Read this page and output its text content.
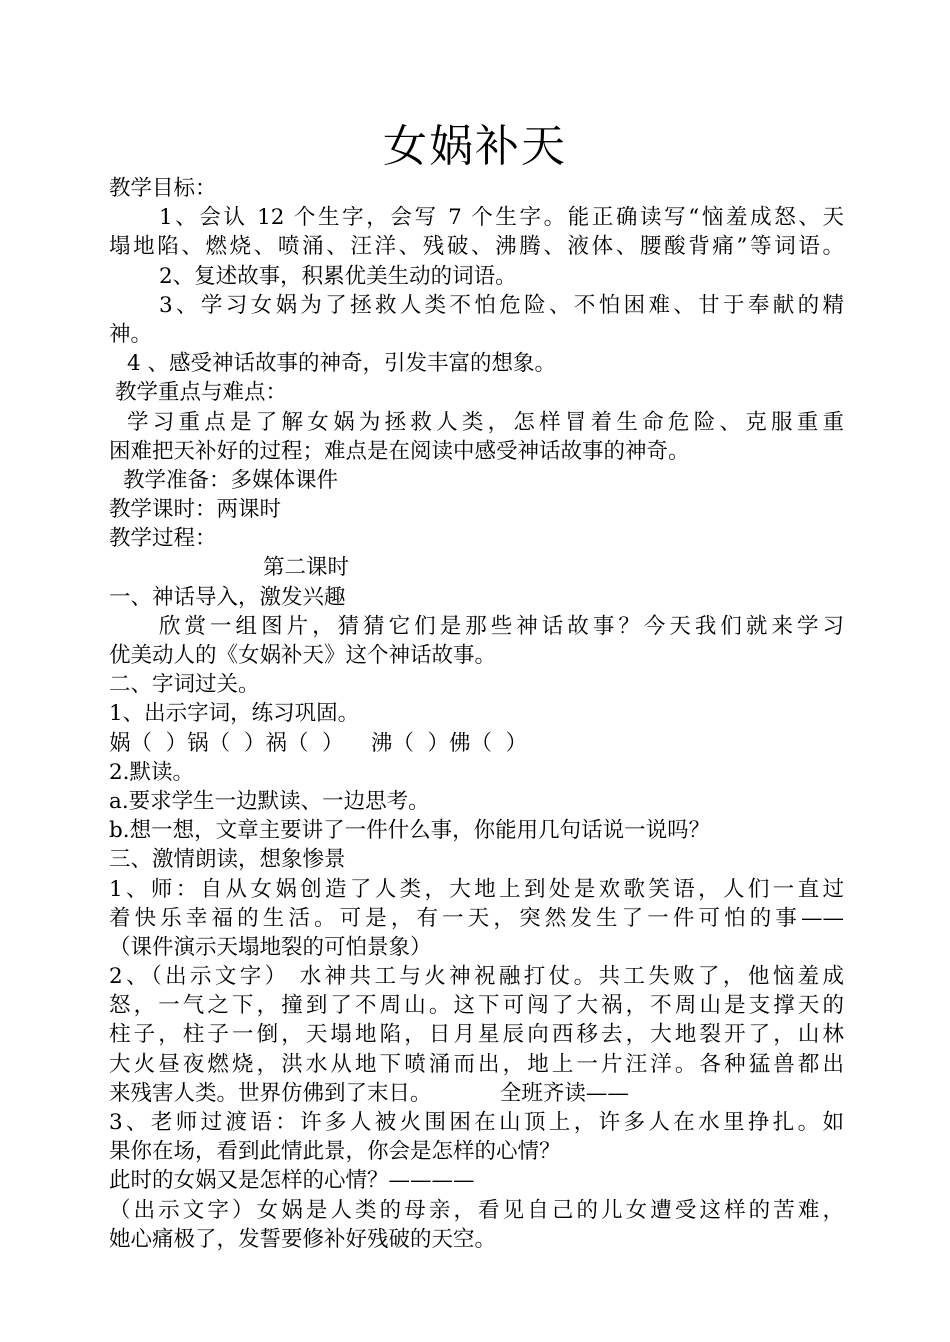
女娲补天
教学目标：
1、会认 12 个生字，会写 7 个生字。能正确读写“恼羞成怒、天
塌地陷、燃烧、喷涌、汪洋、残破、沸腾、液体、腰酸背痛”等词语。
2、复述故事，积累优美生动的词语。
3、学习女娲为了拯救人类不怕危险、不怕困难、甘于奉献的精
神。
4 、感受神话故事的神奇，引发丰富的想象。
教学重点与难点：
学习重点是了解女娲为拯救人类，怎样冒着生命危险、克服重重
困难把天补好的过程；难点是在阅读中感受神话故事的神奇。
教学准备：多媒体课件
教学课时：两课时
教学过程：
第二课时
一、神话导入，激发兴趣
欣赏一组图片，猜猜它们是那些神话故事？今天我们就来学习
优美动人的《女娲补天》这个神话故事。
二、字词过关。
1、出示字词，练习巩固。
娲（  ）锅（  ）祸（  ）    沸（  ）佛（  ）
2.默读。
a.要求学生一边默读、一边思考。
b.想一想，文章主要讲了一件什么事，你能用几句话说一说吗？
三、激情朗读，想象惨景
1、师：自从女娲创造了人类，大地上到处是欢歌笑语，人们一直过
着快乐幸福的生活。可是，有一天，突然发生了一件可怕的事——
（课件演示天塌地裂的可怕景象）
2、（出示文字） 水神共工与火神祝融打仗。共工失败了，他恼羞成
怒，一气之下，撞到了不周山。这下可闯了大祸，不周山是支撑天的
柱子，柱子一倒，天塌地陷，日月星辰向西移去，大地裂开了，山林
大火昼夜燃烧，洪水从地下喷涌而出，地上一片汪洋。各种猛兽都出
来残害人类。世界仿佛到了末日。          全班齐读——
3、老师过渡语：许多人被火围困在山顶上，许多人在水里挣扎。如
果你在场，看到此情此景，你会是怎样的心情？
此时的女娲又是怎样的心情？————
（出示文字）女娲是人类的母亲，看见自己的儿女遭受这样的苦难，
她心痛极了，发誓要修补好残破的天空。
